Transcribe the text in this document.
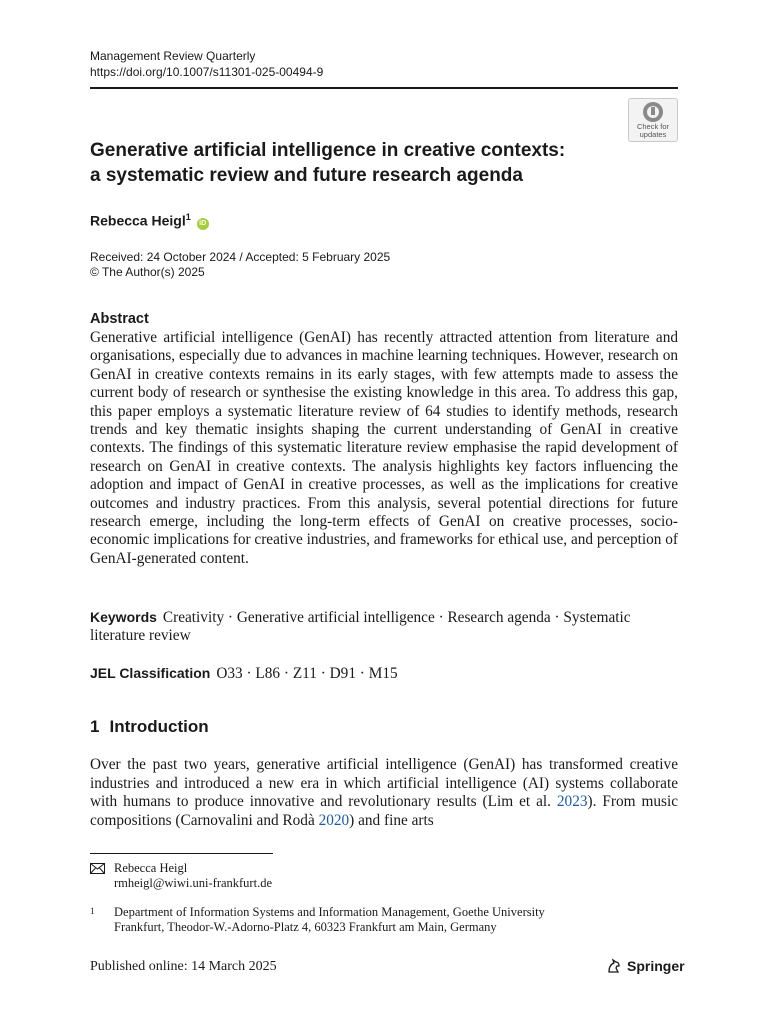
Management Review Quarterly
https://doi.org/10.1007/s11301-025-00494-9
Check for
updates
Generative artificial intelligence in creative contexts:
a systematic review and future research agenda
Rebecca Heigl$^1$ iD
Received: 24 October 2024 / Accepted: 5 February 2025
© The Author(s) 2025
Abstract
Generative artificial intelligence (GenAI) has recently attracted attention from literature and organisations, especially due to advances in machine learning techniques. However, research on GenAI in creative contexts remains in its early stages, with few attempts made to assess the current body of research or synthesise the existing knowledge in this area. To address this gap, this paper employs a systematic literature review of 64 studies to identify methods, research trends and key thematic insights shaping the current understanding of GenAI in creative contexts. The findings of this systematic literature review emphasise the rapid development of research on GenAI in creative contexts. The analysis highlights key factors influencing the adoption and impact of GenAI in creative processes, as well as the implications for creative outcomes and industry practices. From this analysis, several potential directions for future research emerge, including the long-term effects of GenAI on creative processes, socio-economic implications for creative industries, and frameworks for ethical use, and perception of GenAI-generated content.
Keywords Creativity · Generative artificial intelligence · Research agenda · Systematic literature review
JEL Classification O33 · L86 · Z11 · D91 · M15
1 Introduction
Over the past two years, generative artificial intelligence (GenAI) has transformed creative industries and introduced a new era in which artificial intelligence (AI) systems collaborate with humans to produce innovative and revolutionary results (Lim et al. 2023). From music compositions (Carnovalini and Rodà 2020) and fine arts
Rebecca Heigl
rmheigl@wiwi.uni-frankfurt.de
1 Department of Information Systems and Information Management, Goethe University
Frankfurt, Theodor-W.-Adorno-Platz 4, 60323 Frankfurt am Main, Germany
Published online: 14 March 2025	Springer
